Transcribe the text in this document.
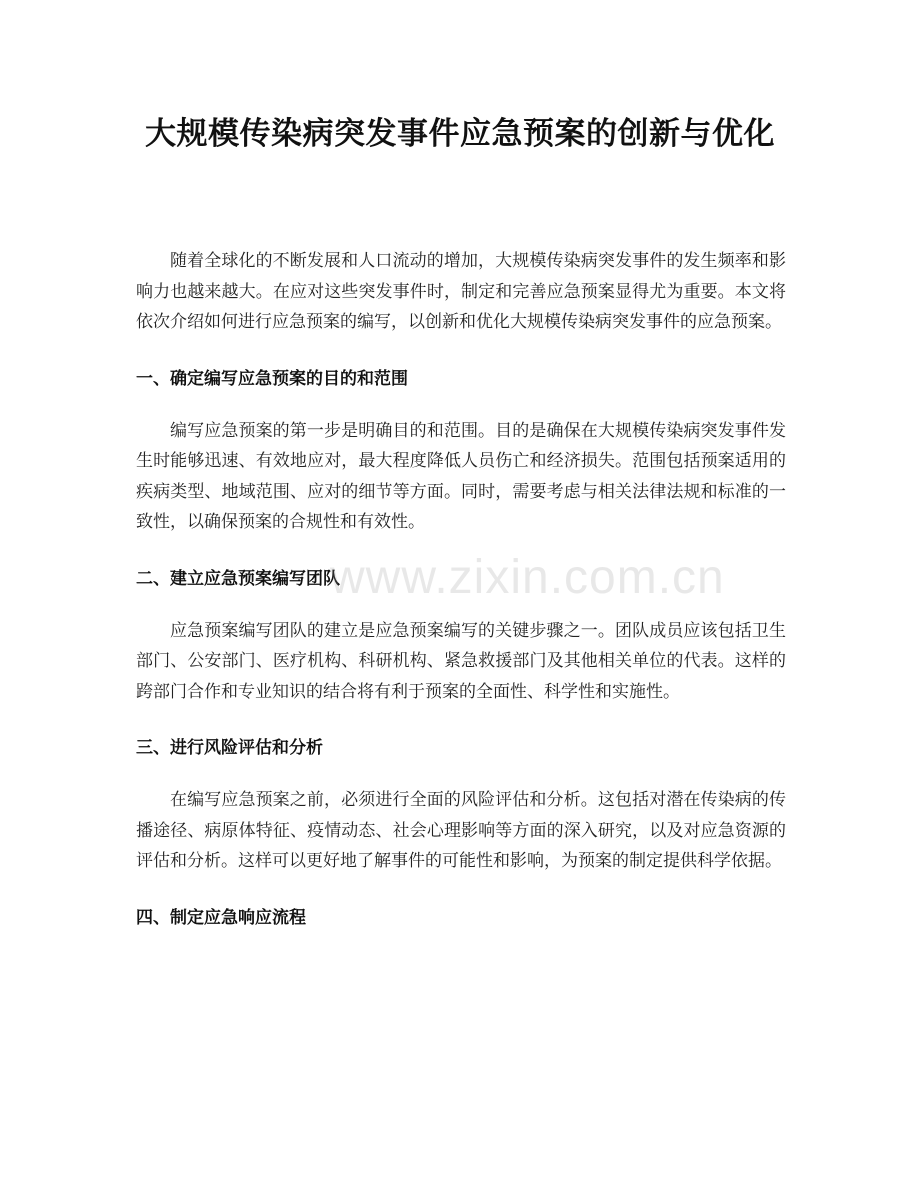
大规模传染病突发事件应急预案的创新与优化

随着全球化的不断发展和人口流动的增加，大规模传染病突发事件的发生频率和影响力也越来越大。在应对这些突发事件时，制定和完善应急预案显得尤为重要。本文将依次介绍如何进行应急预案的编写，以创新和优化大规模传染病突发事件的应急预案。

一、确定编写应急预案的目的和范围

编写应急预案的第一步是明确目的和范围。目的是确保在大规模传染病突发事件发生时能够迅速、有效地应对，最大程度降低人员伤亡和经济损失。范围包括预案适用的疾病类型、地域范围、应对的细节等方面。同时，需要考虑与相关法律法规和标准的一致性，以确保预案的合规性和有效性。

二、建立应急预案编写团队

应急预案编写团队的建立是应急预案编写的关键步骤之一。团队成员应该包括卫生部门、公安部门、医疗机构、科研机构、紧急救援部门及其他相关单位的代表。这样的跨部门合作和专业知识的结合将有利于预案的全面性、科学性和实施性。

三、进行风险评估和分析

在编写应急预案之前，必须进行全面的风险评估和分析。这包括对潜在传染病的传播途径、病原体特征、疫情动态、社会心理影响等方面的深入研究，以及对应急资源的评估和分析。这样可以更好地了解事件的可能性和影响，为预案的制定提供科学依据。

四、制定应急响应流程
www.zixin.com.cn
